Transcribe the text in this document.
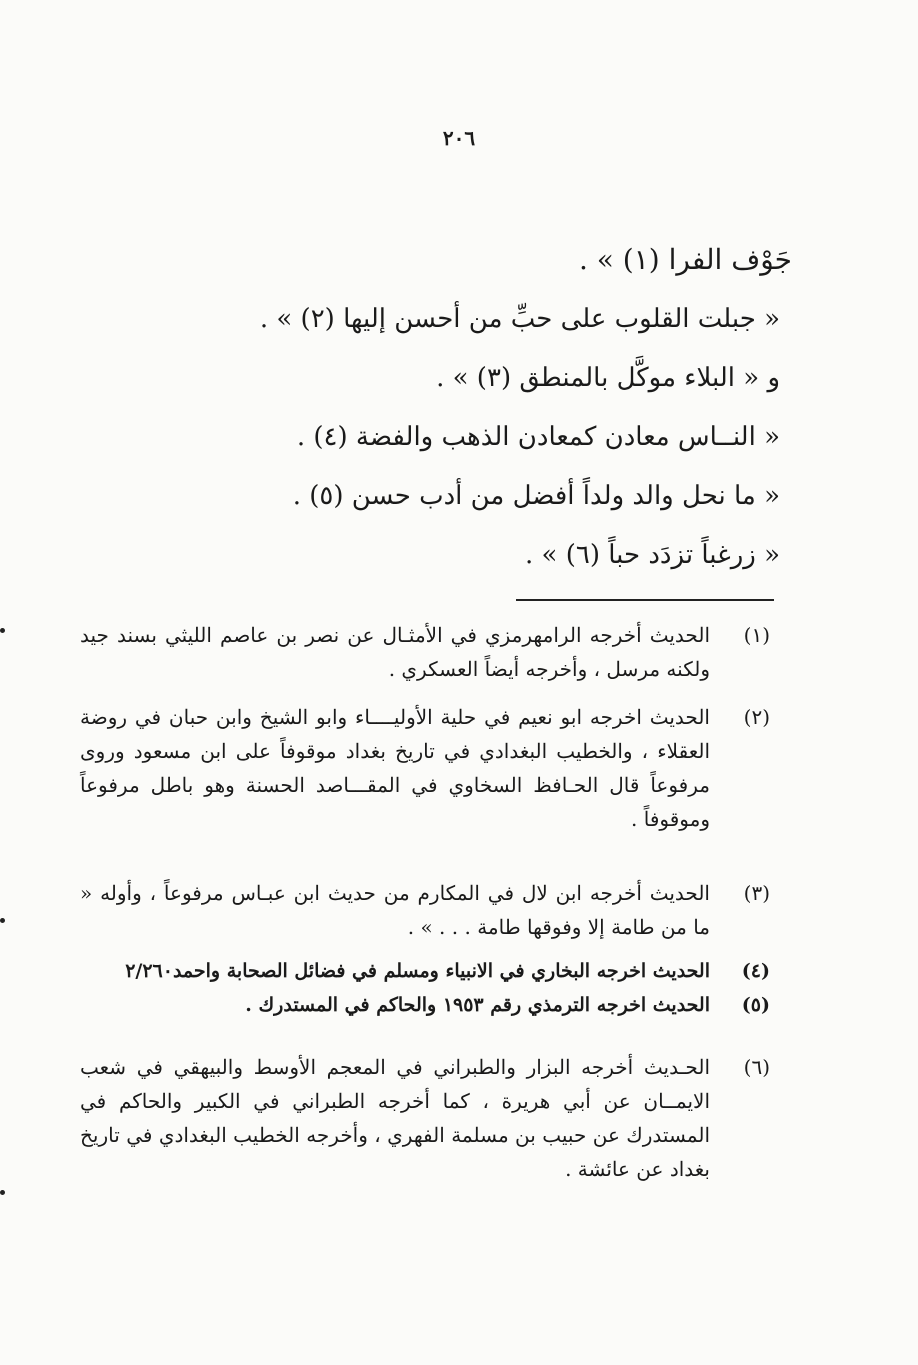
٢٠٦
جَوْف الفرا (١) » .
« جبلت القلوب على حبِّ من أحسن إليها (٢) » .
و « البلاء موكَّل بالمنطق (٣) » .
« النــاس معادن كمعادن الذهب والفضة (٤) .
« ما نحل والد ولداً أفضل من أدب حسن (٥) .
« زرغباً تزدَد حباً (٦) » .
(١)
الحديث أخرجه الرامهرمزي في الأمثـال عن نصر بن عاصم الليثي بسند جيد ولكنه مرسل ، وأخرجه أيضاً العسكري .
(٢)
الحديث اخرجه ابو نعيم في حلية الأوليــــاء وابو الشيخ وابن حبان في روضة العقلاء ، والخطيب البغدادي في تاريخ بغداد موقوفاً على ابن مسعود وروى مرفوعاً قال الحـافظ السخاوي في المقـــاصد الحسنة وهو باطل مرفوعاً وموقوفاً .
(٣)
الحديث أخرجه ابن لال في المكارم من حديث ابن عبـاس مرفوعاً ، وأوله « ما من طامة إلا وفوقها طامة . . . » .
(٤)
الحديث اخرجه البخاري في الانبياء ومسلم في فضائل الصحابة واحمد٢/٢٦٠
(٥)
الحديث اخرجه الترمذي رقم ١٩٥٣ والحاكم في المستدرك .
(٦)
الحـديث أخرجه البزار والطبراني في المعجم الأوسط والبيهقي في شعب الايمــان عن أبي هريرة ، كما أخرجه الطبراني في الكبير والحاكم في المستدرك عن حبيب بن مسلمة الفهري ، وأخرجه الخطيب البغدادي في تاريخ بغداد عن عائشة .
